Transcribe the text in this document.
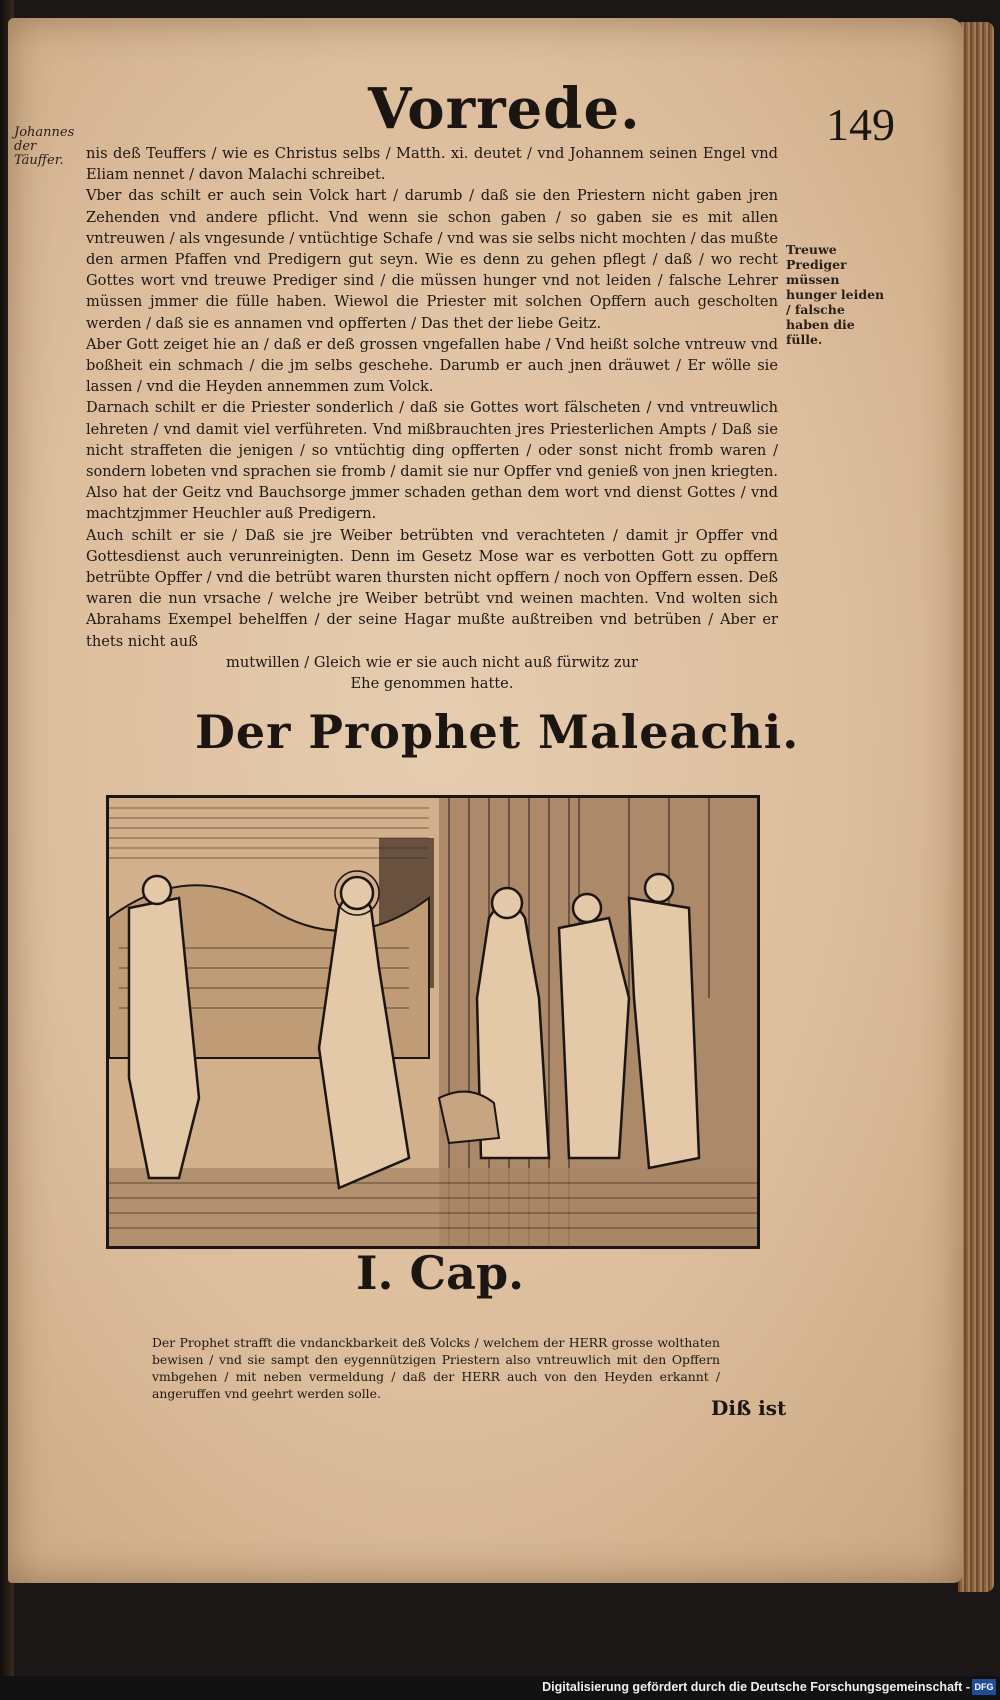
Vorrede.	149
Johannes der Täuffer.
Treuwe Prediger müssen hunger leiden / falsche haben die fülle.

nis deß Teuffers / wie es Christus selbs / Matth. xi. deutet / vnd Johannem seinen Engel vnd Eliam nennet / davon Malachi schreibet.

Vber das schilt er auch sein Volck hart / darumb / daß sie den Priestern nicht gaben jren Zehenden vnd andere pflicht. Vnd wenn sie schon gaben / so gaben sie es mit allen vntreuwen / als vngesunde / vntüchtige Schafe / vnd was sie selbs nicht mochten / das mußte den armen Pfaffen vnd Predigern gut seyn. Wie es denn zu gehen pflegt / daß / wo recht Gottes wort vnd treuwe Prediger sind / die müssen hunger vnd not leiden / falsche Lehrer müssen jmmer die fülle haben. Wiewol die Priester mit solchen Opffern auch gescholten werden / daß sie es annamen vnd opfferten / Das thet der liebe Geitz.

Aber Gott zeiget hie an / daß er deß grossen vngefallen habe / Vnd heißt solche vntreuw vnd boßheit ein schmach / die jm selbs geschehe. Darumb er auch jnen dräuwet / Er wölle sie lassen / vnd die Heyden annemmen zum Volck.

Darnach schilt er die Priester sonderlich / daß sie Gottes wort fälscheten / vnd vntreuwlich lehreten / vnd damit viel verführeten. Vnd mißbrauchten jres Priesterlichen Ampts / Daß sie nicht straffeten die jenigen / so vntüchtig ding opfferten / oder sonst nicht fromb waren / sondern lobeten vnd sprachen sie fromb / damit sie nur Opffer vnd genieß von jnen kriegten. Also hat der Geitz vnd Bauchsorge jmmer schaden gethan dem wort vnd dienst Gottes / vnd machtzjmmer Heuchler auß Predigern.

Auch schilt er sie / Daß sie jre Weiber betrübten vnd verachteten / damit jr Opffer vnd Gottesdienst auch verunreinigten. Denn im Gesetz Mose war es verbotten Gott zu opffern betrübte Opffer / vnd die betrübt waren thursten nicht opffern / noch von Opffern essen. Deß waren die nun vrsache / welche jre Weiber betrübt vnd weinen machten. Vnd wolten sich Abrahams Exempel behelffen / der seine Hagar mußte außtreiben vnd betrüben / Aber er thets nicht auß

mutwillen / Gleich wie er sie auch nicht auß fürwitz zur Ehe genommen hatte.

Der Prophet Maleachi.
I. Cap.
Der Prophet strafft die vndanckbarkeit deß Volcks / welchem der HERR grosse wolthaten bewisen / vnd sie sampt den eygennützigen Priestern also vntreuwlich mit den Opffern vmbgehen / mit neben vermeldung / daß der HERR auch von den Heyden erkannt / angeruffen vnd geehrt werden solle.
Diß ist
Digitalisierung gefördert durch die Deutsche Forschungsgemeinschaft - DFG
